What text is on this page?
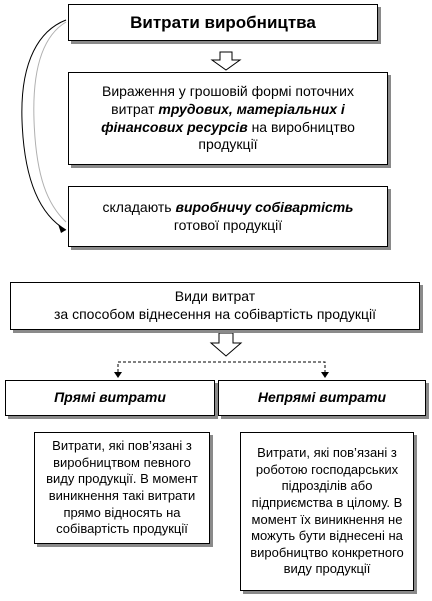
Витрати виробництва
Вираження у грошовій формі поточних витрат трудових, матеріальних і фінансових ресурсів на виробництво продукції
складають виробничу собівартість готової продукції
Види витрат
за способом віднесення на собівартість продукції
Прямі витрати	Непрямі витрати
Витрати, які пов’язані з виробництвом певного виду продукції. В момент виникнення такі витрати прямо відносять на собівартість продукції
Витрати, які пов’язані з роботою господарських підрозділів або підприємства в цілому. В момент їх виникнення не можуть бути віднесені на виробництво конкретного виду продукції
